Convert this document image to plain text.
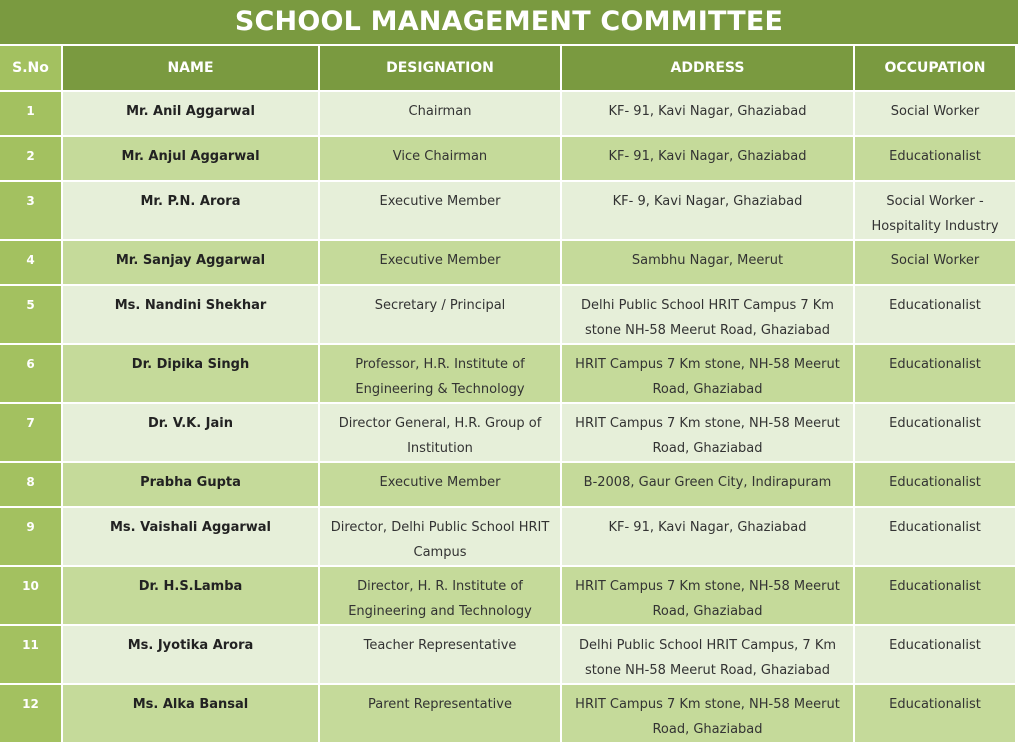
SCHOOL MANAGEMENT COMMITTEE
S.No	NAME	DESIGNATION	ADDRESS	OCCUPATION
1	Mr. Anil Aggarwal	Chairman	KF- 91, Kavi Nagar, Ghaziabad	Social Worker
2	Mr. Anjul Aggarwal	Vice Chairman	KF- 91, Kavi Nagar, Ghaziabad	Educationalist
3	Mr. P.N. Arora	Executive Member	KF- 9, Kavi Nagar, Ghaziabad	Social Worker - Hospitality Industry
4	Mr. Sanjay Aggarwal	Executive Member	Sambhu Nagar, Meerut	Social Worker
5	Ms. Nandini Shekhar	Secretary / Principal	Delhi Public School HRIT Campus 7 Km stone NH-58 Meerut Road, Ghaziabad	Educationalist
6	Dr. Dipika Singh	Professor, H.R. Institute of Engineering & Technology	HRIT Campus 7 Km stone, NH-58 Meerut Road, Ghaziabad	Educationalist
7	Dr. V.K. Jain	Director General, H.R. Group of Institution	HRIT Campus 7 Km stone, NH-58 Meerut Road, Ghaziabad	Educationalist
8	Prabha Gupta	Executive Member	B-2008, Gaur Green City, Indirapuram	Educationalist
9	Ms. Vaishali Aggarwal	Director, Delhi Public School HRIT Campus	KF- 91, Kavi Nagar, Ghaziabad	Educationalist
10	Dr. H.S.Lamba	Director, H. R. Institute of Engineering and Technology	HRIT Campus 7 Km stone, NH-58 Meerut Road, Ghaziabad	Educationalist
11	Ms. Jyotika Arora	Teacher Representative	Delhi Public School HRIT Campus, 7 Km stone NH-58 Meerut Road, Ghaziabad	Educationalist
12	Ms. Alka Bansal	Parent Representative	HRIT Campus 7 Km stone, NH-58 Meerut Road, Ghaziabad	Educationalist
